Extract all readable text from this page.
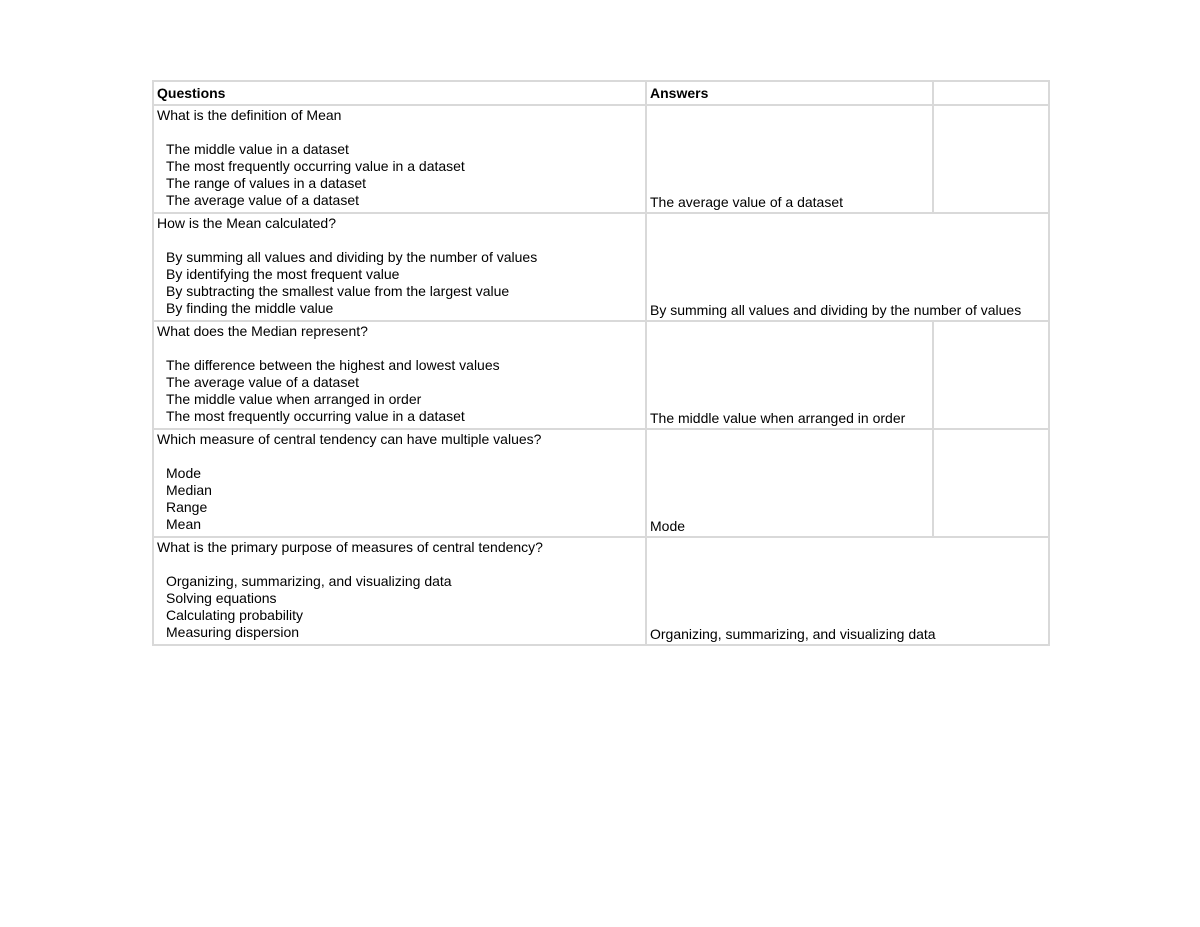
Questions	Answers	

What is the definition of Mean
The middle value in a dataset
The most frequently occurring value in a dataset
The range of values in a dataset
The average value of a dataset	The average value of a dataset	

How is the Mean calculated?
By summing all values and dividing by the number of values
By identifying the most frequent value
By subtracting the smallest value from the largest value
By finding the middle value	By summing all values and dividing by the number of values	

What does the Median represent?
The difference between the highest and lowest values
The average value of a dataset
The middle value when arranged in order
The most frequently occurring value in a dataset	The middle value when arranged in order	

Which measure of central tendency can have multiple values?
Mode
Median
Range
Mean	Mode	

What is the primary purpose of measures of central tendency?
Organizing, summarizing, and visualizing data
Solving equations
Calculating probability
Measuring dispersion	Organizing, summarizing, and visualizing data	
